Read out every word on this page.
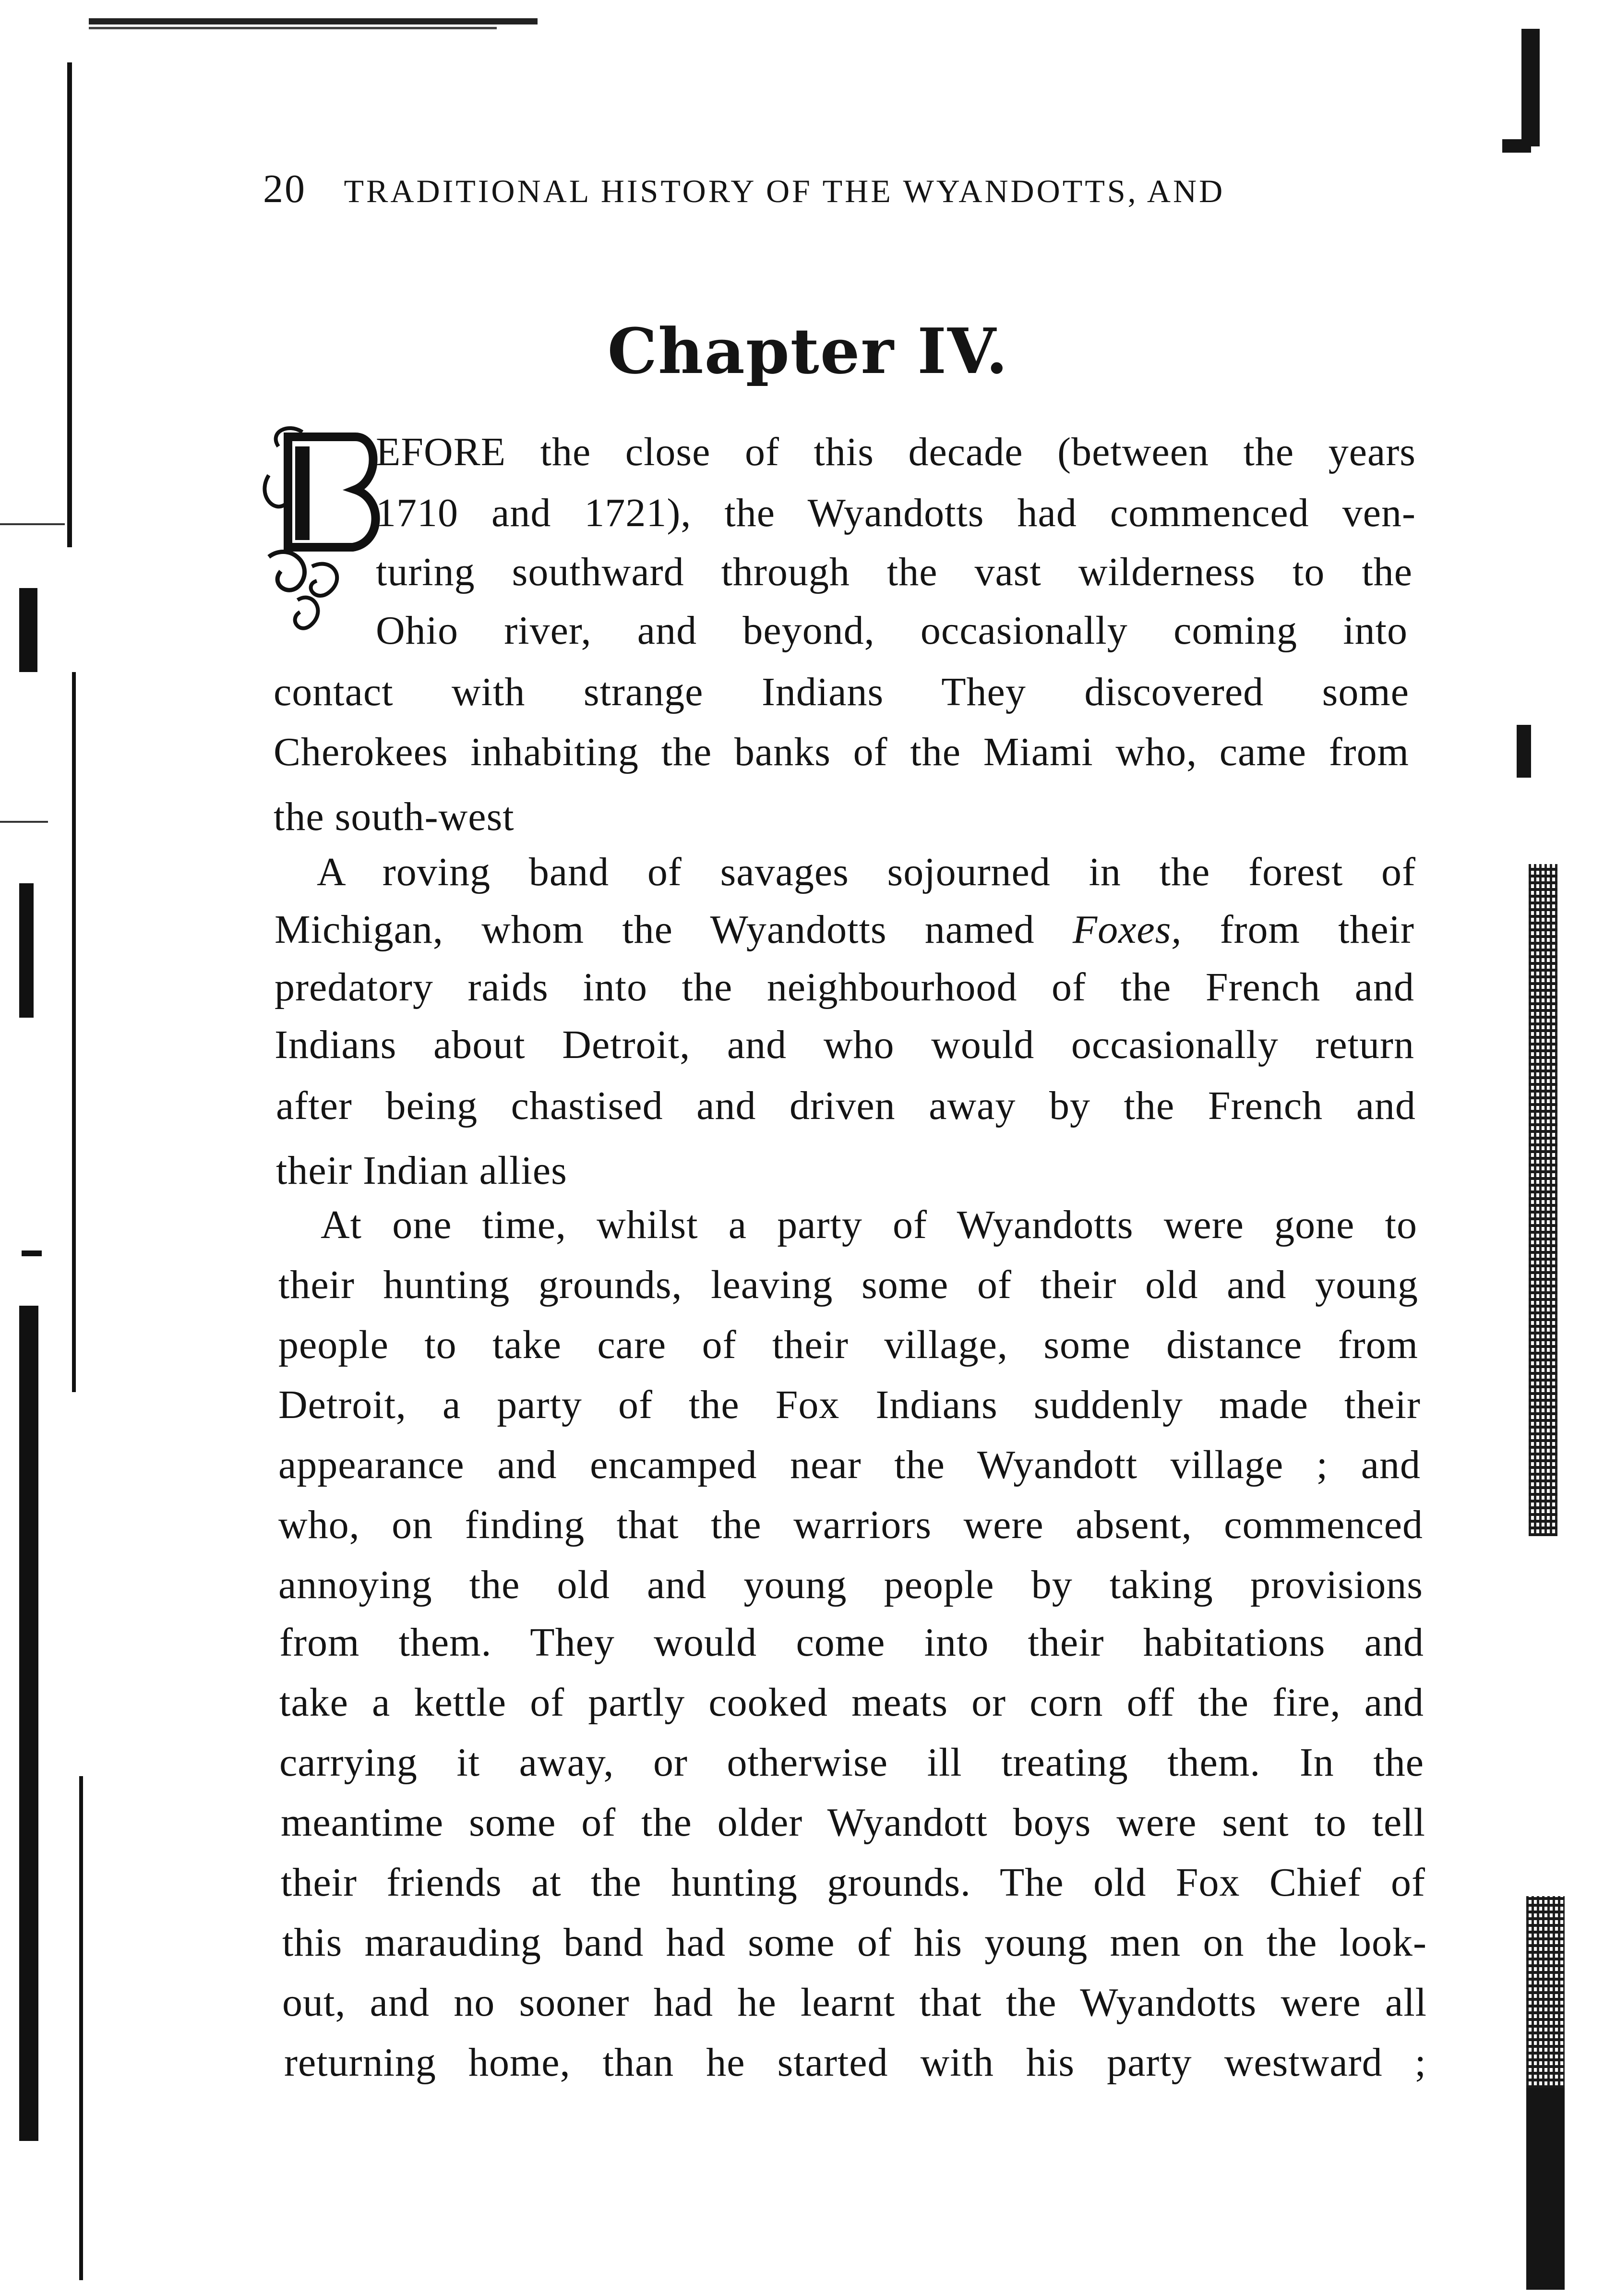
20 TRADITIONAL HISTORY OF THE WYANDOTTS, AND
Chapter IV.
EFORE the close of this decade (between the years
1710 and 1721), the Wyandotts had commenced ven-
turing southward through the vast wilderness to the
Ohio river, and beyond, occasionally coming into
contact with strange Indians They discovered some
Cherokees inhabiting the banks of the Miami who, came from
the south-west
A roving band of savages sojourned in the forest of
Michigan, whom the Wyandotts named Foxes, from their
predatory raids into the neighbourhood of the French and
Indians about Detroit, and who would occasionally return
after being chastised and driven away by the French and
their Indian allies
At one time, whilst a party of Wyandotts were gone to
their hunting grounds, leaving some of their old and young
people to take care of their village, some distance from
Detroit, a party of the Fox Indians suddenly made their
appearance and encamped near the Wyandott village ; and
who, on finding that the warriors were absent, commenced
annoying the old and young people by taking provisions
from them. They would come into their habitations and
take a kettle of partly cooked meats or corn off the fire, and
carrying it away, or otherwise ill treating them. In the
meantime some of the older Wyandott boys were sent to tell
their friends at the hunting grounds. The old Fox Chief of
this marauding band had some of his young men on the look-
out, and no sooner had he learnt that the Wyandotts were all
returning home, than he started with his party westward ;
